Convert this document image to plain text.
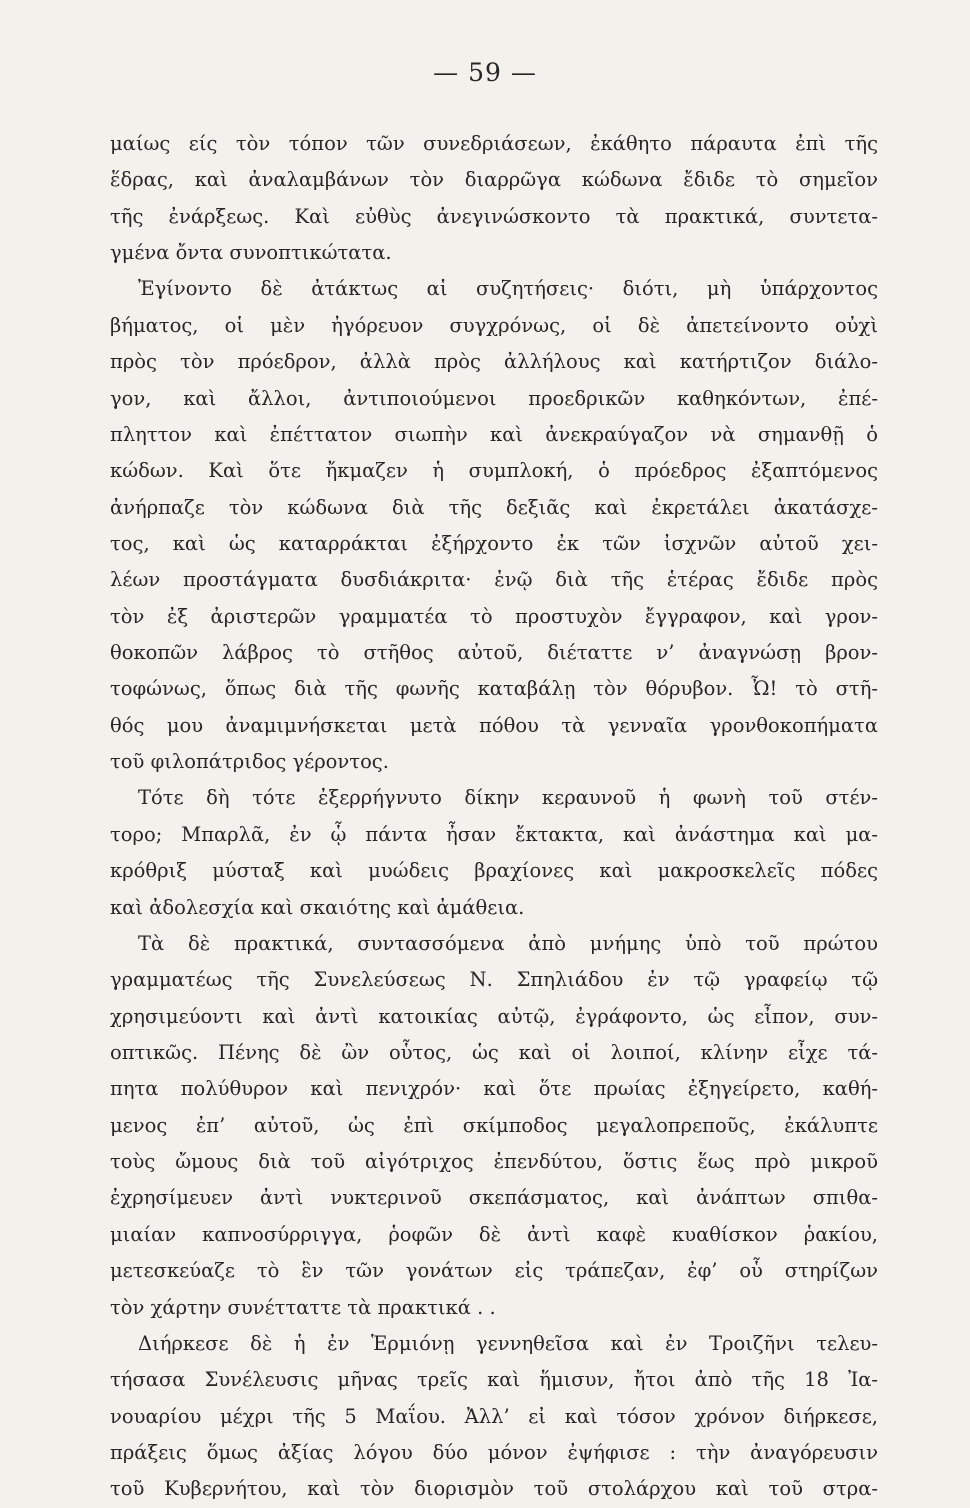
— 59 —
μαίως είς τὸν τόπον τῶν συνεδριάσεων, ἐκάθητο πάραυτα ἐπὶ τῆς
ἕδρας, καὶ ἀναλαμβάνων τὸν διαρρῶγα κώδωνα ἔδιδε τὸ σημεῖον
τῆς ἐνάρξεως. Καὶ εὐθὺς ἀνεγινώσκοντο τὰ πρακτικά, συντετα-
γμένα ὄντα συνοπτικώτατα.
Ἐγίνοντο δὲ ἀτάκτως αἱ συζητήσεις· διότι, μὴ ὑπάρχοντος
βήματος, οἱ μὲν ἠγόρευον συγχρόνως, οἱ δὲ ἀπετείνοντο οὐχὶ
πρὸς τὸν πρόεδρον, ἀλλὰ πρὸς ἀλλήλους καὶ κατήρτιζον διάλο-
γον, καὶ ἄλλοι, ἀντιποιούμενοι προεδρικῶν καθηκόντων, ἐπέ-
πληττον καὶ ἐπέττατον σιωπὴν καὶ ἀνεκραύγαζον νὰ σημανθῇ ὁ
κώδων. Καὶ ὅτε ἤκμαζεν ἡ συμπλοκή, ὁ πρόεδρος ἐξαπτόμενος
ἀνήρπαζε τὸν κώδωνα διὰ τῆς δεξιᾶς καὶ ἐκρετάλει ἀκατάσχε-
τος, καὶ ὡς καταρράκται ἐξήρχοντο ἐκ τῶν ἰσχνῶν αὐτοῦ χει-
λέων προστάγματα δυσδιάκριτα· ἐνῷ διὰ τῆς ἑτέρας ἔδιδε πρὸς
τὸν ἐξ ἀριστερῶν γραμματέα τὸ προστυχὸν ἔγγραφον, καὶ γρον-
θοκοπῶν λάβρος τὸ στῆθος αὐτοῦ, διέταττε ν’ ἀναγνώσῃ βρον-
τοφώνως, ὅπως διὰ τῆς φωνῆς καταβάλῃ τὸν θόρυβον. Ὦ! τὸ στῆ-
θός μου ἀναμιμνήσκεται μετὰ πόθου τὰ γενναῖα γρονθοκοπήματα
τοῦ φιλοπάτριδος γέροντος.
Τότε δὴ τότε ἐξερρήγνυτο δίκην κεραυνοῦ ἡ φωνὴ τοῦ στέν-
τορο; Μπαρλᾶ, ἐν ᾧ πάντα ἦσαν ἔκτακτα, καὶ ἀνάστημα καὶ μα-
κρόθριξ μύσταξ καὶ μυώδεις βραχίονες καὶ μακροσκελεῖς πόδες
καὶ ἀδολεσχία καὶ σκαιότης καὶ ἀμάθεια.
Τὰ δὲ πρακτικά, συντασσόμενα ἀπὸ μνήμης ὑπὸ τοῦ πρώτου
γραμματέως τῆς Συνελεύσεως Ν. Σπηλιάδου ἐν τῷ γραφείῳ τῷ
χρησιμεύοντι καὶ ἀντὶ κατοικίας αὐτῷ, ἐγράφοντο, ὡς εἶπον, συν-
οπτικῶς. Πένης δὲ ὢν οὗτος, ὡς καὶ οἱ λοιποί, κλίνην εἶχε τά-
πητα πολύθυρον καὶ πενιχρόν· καὶ ὅτε πρωίας ἐξηγείρετο, καθή-
μενος ἐπ’ αὐτοῦ, ὡς ἐπὶ σκίμποδος μεγαλοπρεποῦς, ἐκάλυπτε
τοὺς ὤμους διὰ τοῦ αἰγότριχος ἐπενδύτου, ὅστις ἕως πρὸ μικροῦ
ἐχρησίμευεν ἀντὶ νυκτερινοῦ σκεπάσματος, καὶ ἀνάπτων σπιθα-
μιαίαν καπνοσύρριγγα, ῥοφῶν δὲ ἀντὶ καφὲ κυαθίσκον ῥακίου,
μετεσκεύαζε τὸ ἓν τῶν γονάτων εἰς τράπεζαν, ἐφ’ οὗ στηρίζων
τὸν χάρτην συνέτταττε τὰ πρακτικά . .
Διήρκεσε δὲ ἡ ἐν Ἑρμιόνῃ γεννηθεῖσα καὶ ἐν Τροιζῆνι τελευ-
τήσασα Συνέλευσις μῆνας τρεῖς καὶ ἥμισυν, ἤτοι ἀπὸ τῆς 18 Ἰα-
νουαρίου μέχρι τῆς 5 Μαΐου. Ἀλλ’ εἰ καὶ τόσον χρόνον διήρκεσε,
πράξεις ὅμως ἀξίας λόγου δύο μόνον ἐψήφισε : τὴν ἀναγόρευσιν
τοῦ Κυβερνήτου, καὶ τὸν διορισμὸν τοῦ στολάρχου καὶ τοῦ στρα-
